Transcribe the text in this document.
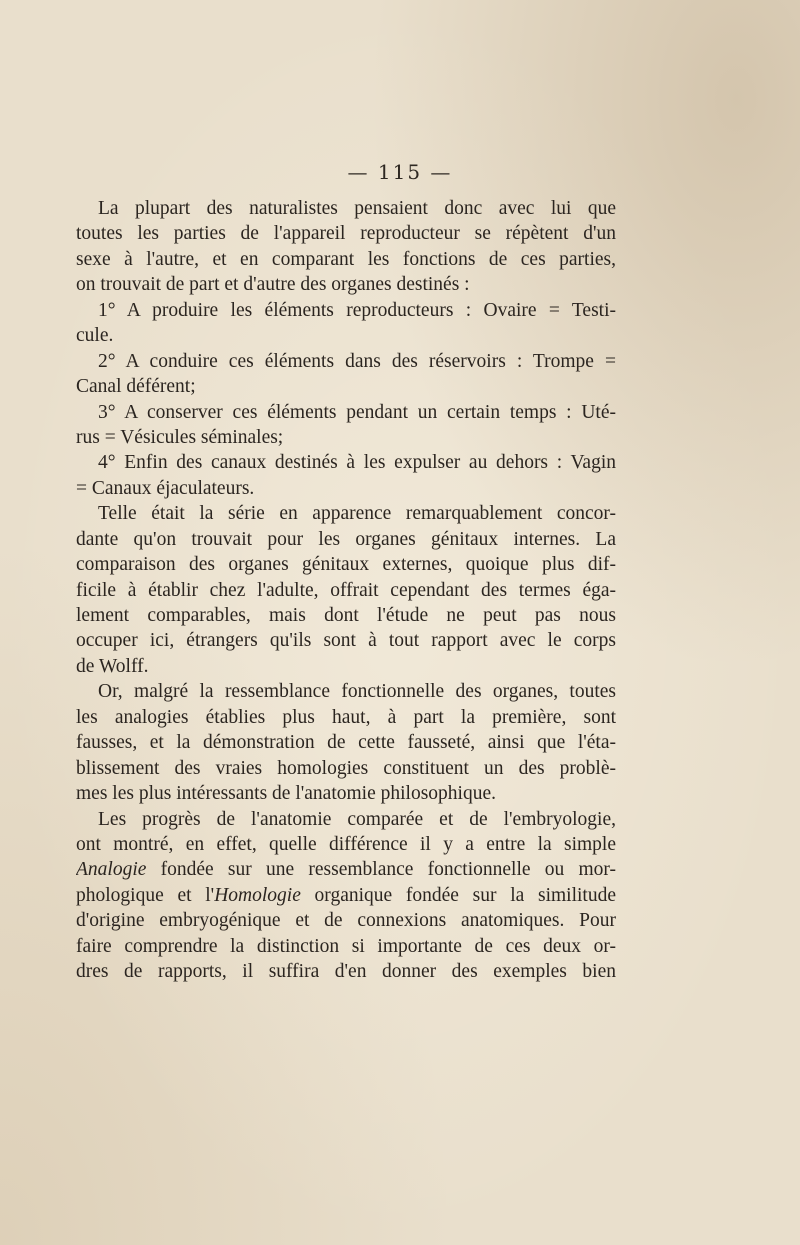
— 115 —
La plupart des naturalistes pensaient donc avec lui que
toutes les parties de l'appareil reproducteur se répètent d'un
sexe à l'autre, et en comparant les fonctions de ces parties,
on trouvait de part et d'autre des organes destinés :
1° A produire les éléments reproducteurs : Ovaire = Testi-
cule.
2° A conduire ces éléments dans des réservoirs : Trompe =
Canal déférent;
3° A conserver ces éléments pendant un certain temps : Uté-
rus = Vésicules séminales;
4° Enfin des canaux destinés à les expulser au dehors : Vagin
= Canaux éjaculateurs.
Telle était la série en apparence remarquablement concor-
dante qu'on trouvait pour les organes génitaux internes. La
comparaison des organes génitaux externes, quoique plus dif-
ficile à établir chez l'adulte, offrait cependant des termes éga-
lement comparables, mais dont l'étude ne peut pas nous
occuper ici, étrangers qu'ils sont à tout rapport avec le corps
de Wolff.
Or, malgré la ressemblance fonctionnelle des organes, toutes
les analogies établies plus haut, à part la première, sont
fausses, et la démonstration de cette fausseté, ainsi que l'éta-
blissement des vraies homologies constituent un des problè-
mes les plus intéressants de l'anatomie philosophique.
Les progrès de l'anatomie comparée et de l'embryologie,
ont montré, en effet, quelle différence il y a entre la simple
Analogie fondée sur une ressemblance fonctionnelle ou mor-
phologique et l'Homologie organique fondée sur la similitude
d'origine embryogénique et de connexions anatomiques. Pour
faire comprendre la distinction si importante de ces deux or-
dres de rapports, il suffira d'en donner des exemples bien
